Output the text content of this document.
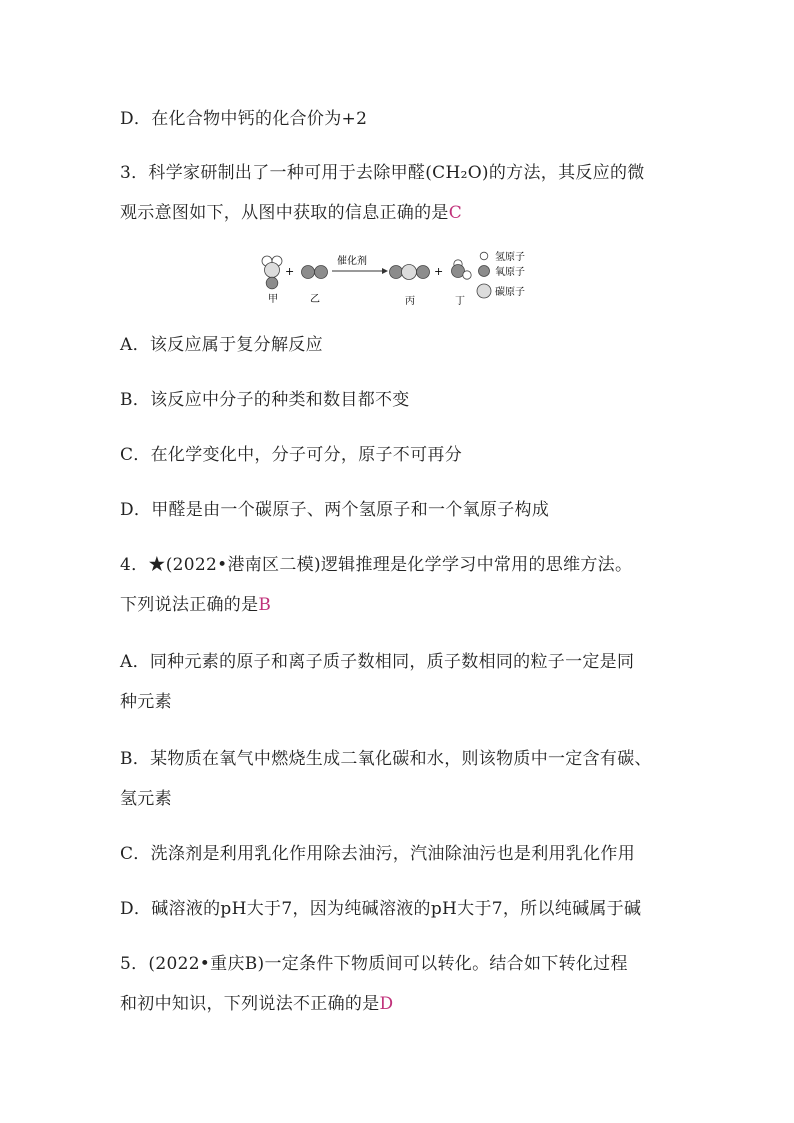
D．在化合物中钙的化合价为+2
3．科学家研制出了一种可用于去除甲醛(CH₂O)的方法，其反应的微
观示意图如下，从图中获取的信息正确的是C
+
催化剂
+
甲	乙	丙	丁
氢原子
氧原子
碳原子
A．该反应属于复分解反应
B．该反应中分子的种类和数目都不变
C．在化学变化中，分子可分，原子不可再分
D．甲醛是由一个碳原子、两个氢原子和一个氧原子构成
4．★(2022•港南区二模)逻辑推理是化学学习中常用的思维方法。
下列说法正确的是B
A．同种元素的原子和离子质子数相同，质子数相同的粒子一定是同
种元素
B．某物质在氧气中燃烧生成二氧化碳和水，则该物质中一定含有碳、
氢元素
C．洗涤剂是利用乳化作用除去油污，汽油除油污也是利用乳化作用
D．碱溶液的pH大于7，因为纯碱溶液的pH大于7，所以纯碱属于碱
5．(2022•重庆B)一定条件下物质间可以转化。结合如下转化过程
和初中知识，下列说法不正确的是D
